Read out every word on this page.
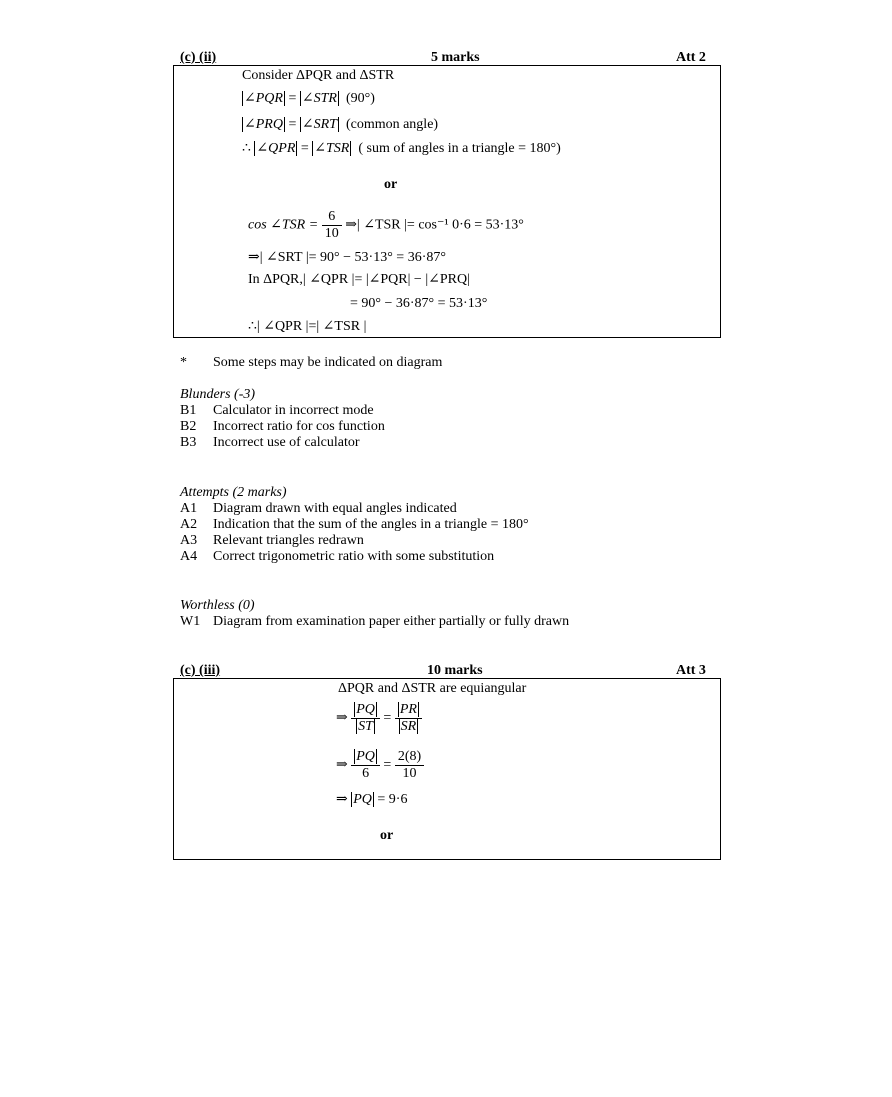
(c) (ii)	5 marks	Att 2
Consider ΔPQR and ΔSTR
∠PQR = ∠STR  (90°)
∠PRQ = ∠SRT (common angle)
∴ ∠QPR = ∠TSR ( sum of angles in a triangle = 180°)
or
cos ∠TSR = $\frac{6}{10}$ ⇒| ∠TSR |= cos⁻¹ 0·6 = 53·13°
⇒| ∠SRT |= 90° − 53·13° = 36·87°
In ΔPQR,| ∠QPR |= |∠PQR| − |∠PRQ|
= 90° − 36·87° = 53·13°
∴| ∠QPR |=| ∠TSR |
* Some steps may be indicated on diagram
Blunders (-3)
B1 Calculator in incorrect mode
B2 Incorrect ratio for cos function
B3 Incorrect use of calculator
Attempts (2 marks)
A1 Diagram drawn with equal angles indicated
A2 Indication that the sum of the angles in a triangle = 180°
A3 Relevant triangles redrawn
A4 Correct trigonometric ratio with some substitution
Worthless (0)
W1 Diagram from examination paper either partially or fully drawn
(c) (iii)	10 marks	Att 3
ΔPQR and ΔSTR are equiangular
⇒ $\frac{PQ}{ST} = \frac{PR}{SR}$
⇒ $\frac{PQ}{6} = \frac{2(8)}{10}$
⇒ PQ = 9·6
or
